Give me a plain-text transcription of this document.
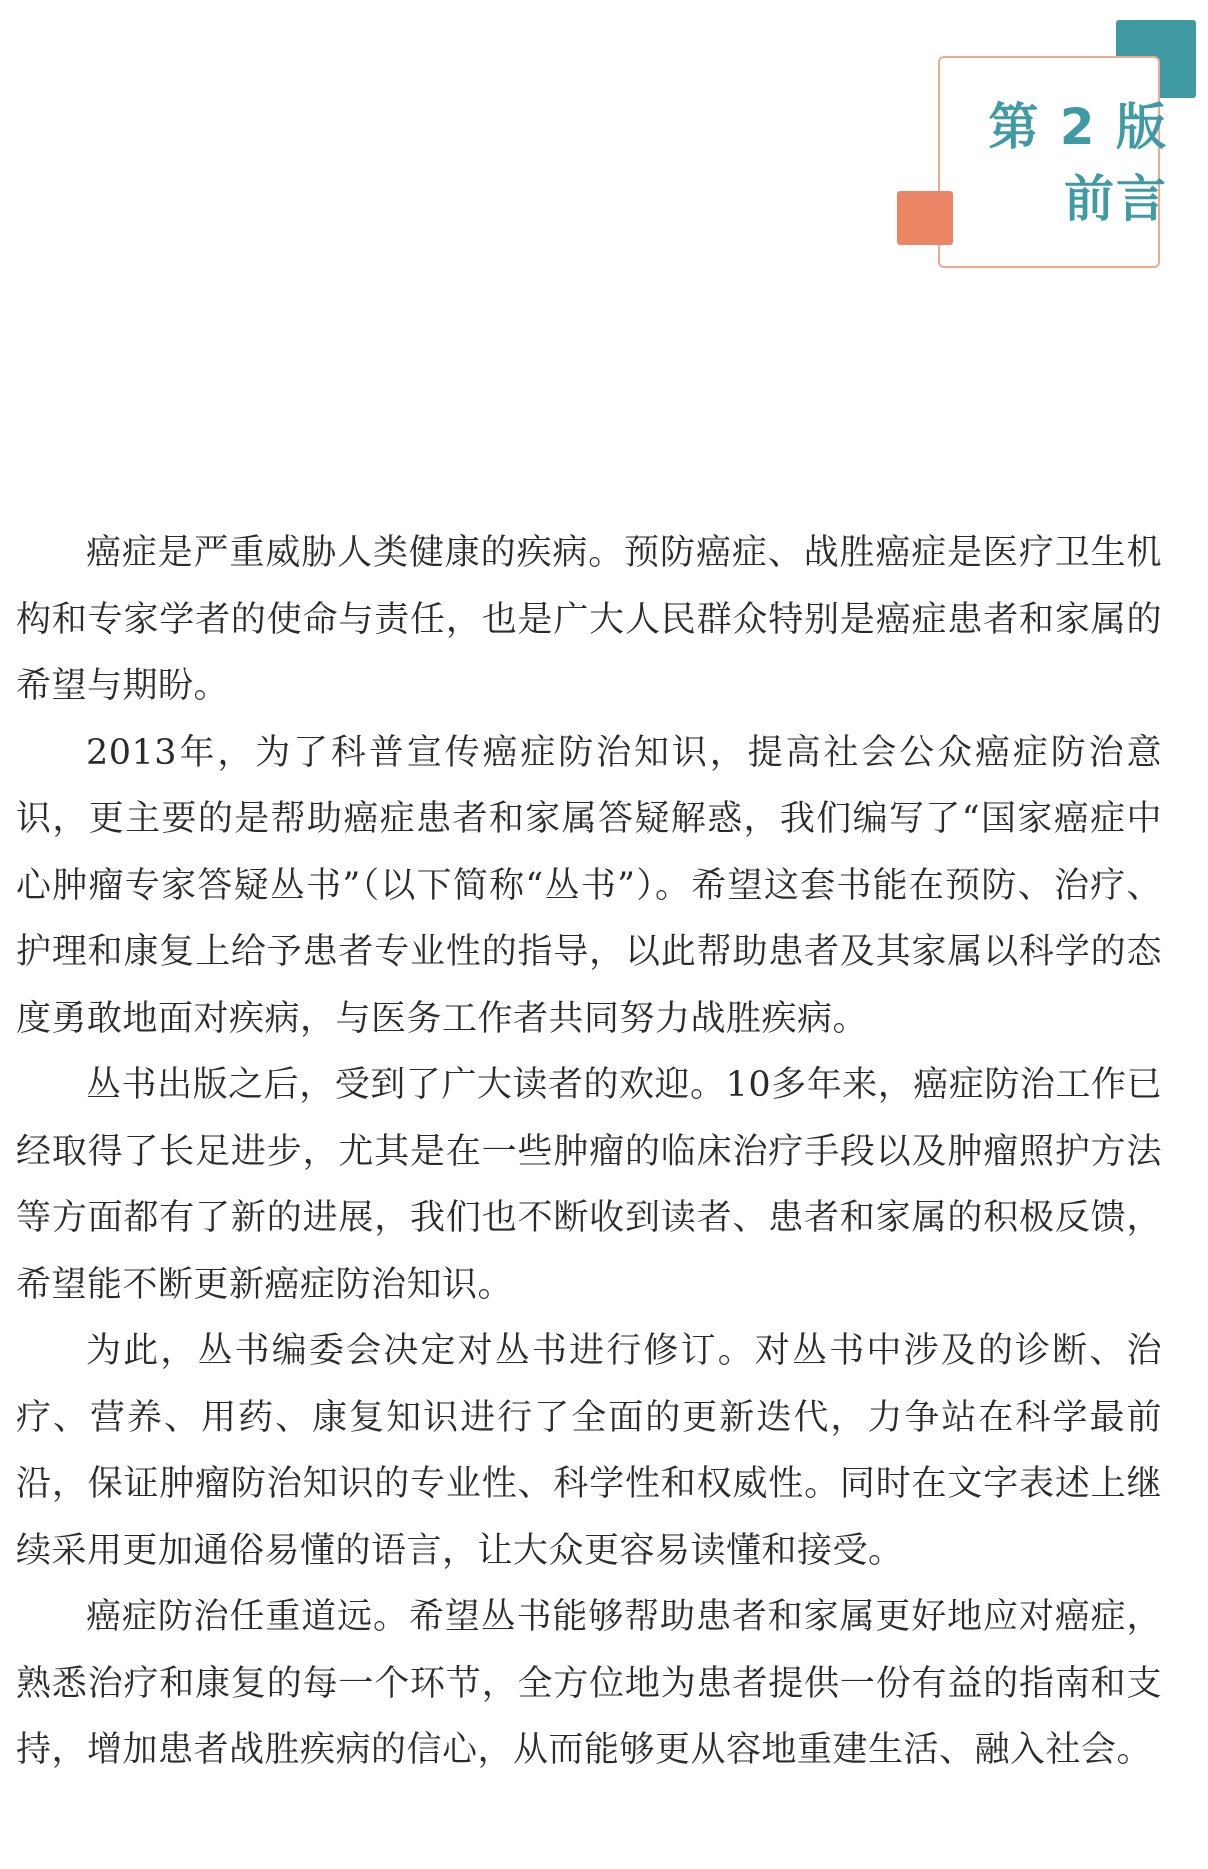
第 2 版
前言

癌症是严重威胁人类健康的疾病。预防癌症、战胜癌症是医疗卫生机构和专家学者的使命与责任，也是广大人民群众特别是癌症患者和家属的希望与期盼。

2013年，为了科普宣传癌症防治知识，提高社会公众癌症防治意识，更主要的是帮助癌症患者和家属答疑解惑，我们编写了“国家癌症中心肿瘤专家答疑丛书”（以下简称“丛书”）。希望这套书能在预防、治疗、护理和康复上给予患者专业性的指导，以此帮助患者及其家属以科学的态度勇敢地面对疾病，与医务工作者共同努力战胜疾病。

丛书出版之后，受到了广大读者的欢迎。10多年来，癌症防治工作已经取得了长足进步，尤其是在一些肿瘤的临床治疗手段以及肿瘤照护方法等方面都有了新的进展，我们也不断收到读者、患者和家属的积极反馈，希望能不断更新癌症防治知识。

为此，丛书编委会决定对丛书进行修订。对丛书中涉及的诊断、治疗、营养、用药、康复知识进行了全面的更新迭代，力争站在科学最前沿，保证肿瘤防治知识的专业性、科学性和权威性。同时在文字表述上继续采用更加通俗易懂的语言，让大众更容易读懂和接受。

癌症防治任重道远。希望丛书能够帮助患者和家属更好地应对癌症，熟悉治疗和康复的每一个环节，全方位地为患者提供一份有益的指南和支持，增加患者战胜疾病的信心，从而能够更从容地重建生活、融入社会。
